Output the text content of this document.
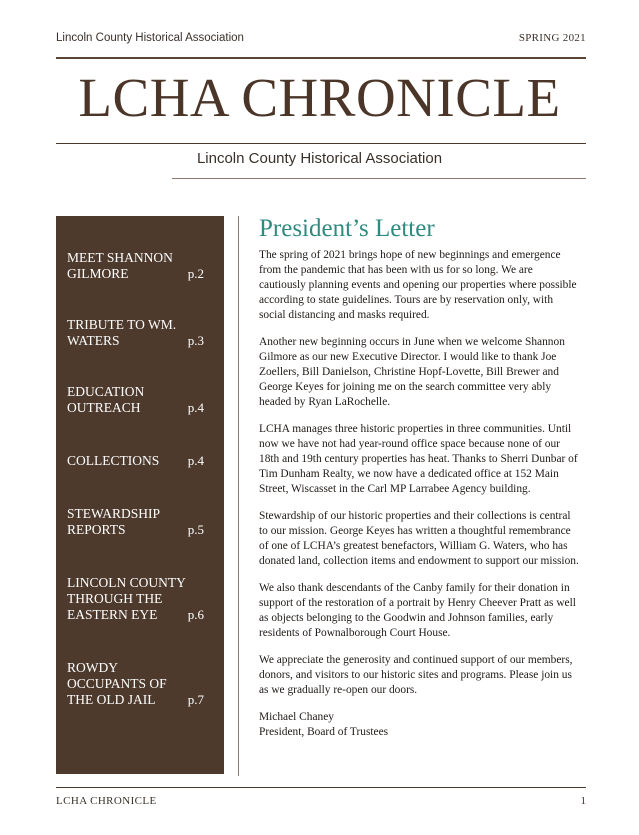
Lincoln County Historical Association	SPRING 2021
LCHA CHRONICLE
Lincoln County Historical Association
MEET SHANNON GILMORE	p.2
TRIBUTE TO WM. WATERS	p.3
EDUCATION OUTREACH	p.4
COLLECTIONS	p.4
STEWARDSHIP REPORTS	p.5
LINCOLN COUNTY THROUGH THE EASTERN EYE	p.6
ROWDY OCCUPANTS OF THE OLD JAIL	p.7
President’s Letter

The spring of 2021 brings hope of new beginnings and emergence from the pandemic that has been with us for so long. We are cautiously planning events and opening our properties where possible according to state guidelines. Tours are by reservation only, with social distancing and masks required.

Another new beginning occurs in June when we welcome Shannon Gilmore as our new Executive Director. I would like to thank Joe Zoellers, Bill Danielson, Christine Hopf-Lovette, Bill Brewer and George Keyes for joining me on the search committee very ably headed by Ryan LaRochelle.

LCHA manages three historic properties in three communities. Until now we have not had year-round office space because none of our 18th and 19th century properties has heat. Thanks to Sherri Dunbar of Tim Dunham Realty, we now have a dedicated office at 152 Main Street, Wiscasset in the Carl MP Larrabee Agency building.

Stewardship of our historic properties and their collections is central to our mission. George Keyes has written a thoughtful remembrance of one of LCHA’s greatest benefactors, William G. Waters, who has donated land, collection items and endowment to support our mission.

We also thank descendants of the Canby family for their donation in support of the restoration of a portrait by Henry Cheever Pratt as well as objects belonging to the Goodwin and Johnson families, early residents of Pownalborough Court House.

We appreciate the generosity and continued support of our members, donors, and visitors to our historic sites and programs. Please join us as we gradually re-open our doors.

Michael Chaney

President, Board of Trustees

LCHA CHRONICLE	1
